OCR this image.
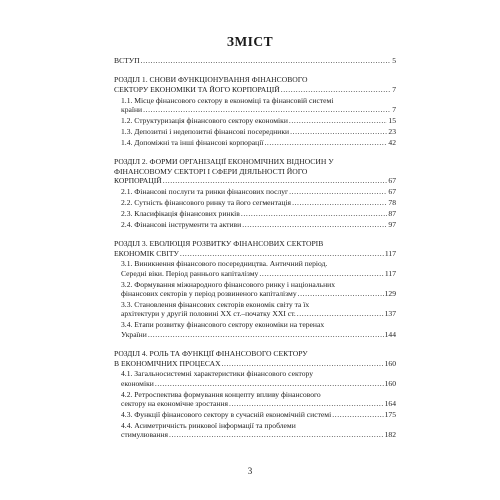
ЗМІСТ
ВСТУП .....	5
РОЗДІЛ 1. СНОВИ ФУНКЦІОНУВАННЯ ФІНАНСОВОГО
СЕКТОРУ ЕКОНОМІКИ ТА ЙОГО КОРПОРАЦІЙ .....	7
1.1. Місце фінансового сектору в економіці та фінансовій системі
країни .....	7
1.2. Структуризація фінансового сектору економіки .....	15
1.3. Депозитні і недепозитні фінансові посередники .....	23
1.4. Допоміжні та інші фінансові корпорації .....	42
РОЗДІЛ 2. ФОРМИ ОРГАНІЗАЦІЇ ЕКОНОМІЧНИХ ВІДНОСИН У
ФІНАНСОВОМУ СЕКТОРІ І СФЕРИ ДІЯЛЬНОСТІ ЙОГО
КОРПОРАЦІЙ .....	67
2.1. Фінансові послуги та ринки фінансових послуг .....	67
2.2. Сутність фінансового ринку та його сегментація .....	78
2.3. Класифікація фінансових ринків .....	87
2.4. Фінансові інструменти та активи .....	97
РОЗДІЛ 3. ЕВОЛЮЦІЯ РОЗВИТКУ ФІНАНСОВИХ СЕКТОРІВ
ЕКОНОМІК СВІТУ .....	117
3.1. Виникнення фінансового посередництва. Античний період.
Середні віки. Період раннього капіталізму .....	117
3.2. Формування міжнародного фінансового ринку і національних
фінансових секторів у період розвиненого капіталізму .....	129
3.3. Становлення фінансових секторів економік світу та їх
архітектури у другій половині XX ст.–початку XXI ст. .....	137
3.4. Етапи розвитку фінансового сектору економіки на теренах
України .....	144
РОЗДІЛ 4. РОЛЬ ТА ФУНКЦІЇ ФІНАНСОВОГО СЕКТОРУ
В ЕКОНОМІЧНИХ ПРОЦЕСАХ .....	160
4.1. Загальносистемні характеристики фінансового сектору
економіки .....	160
4.2. Ретроспектива формування концепту впливу фінансового
сектору на економічне зростання .....	164
4.3. Функції фінансового сектору в сучасній економічній системі .....	175
4.4. Асиметричність ринкової інформації та проблеми
стимулювання .....	182
3
